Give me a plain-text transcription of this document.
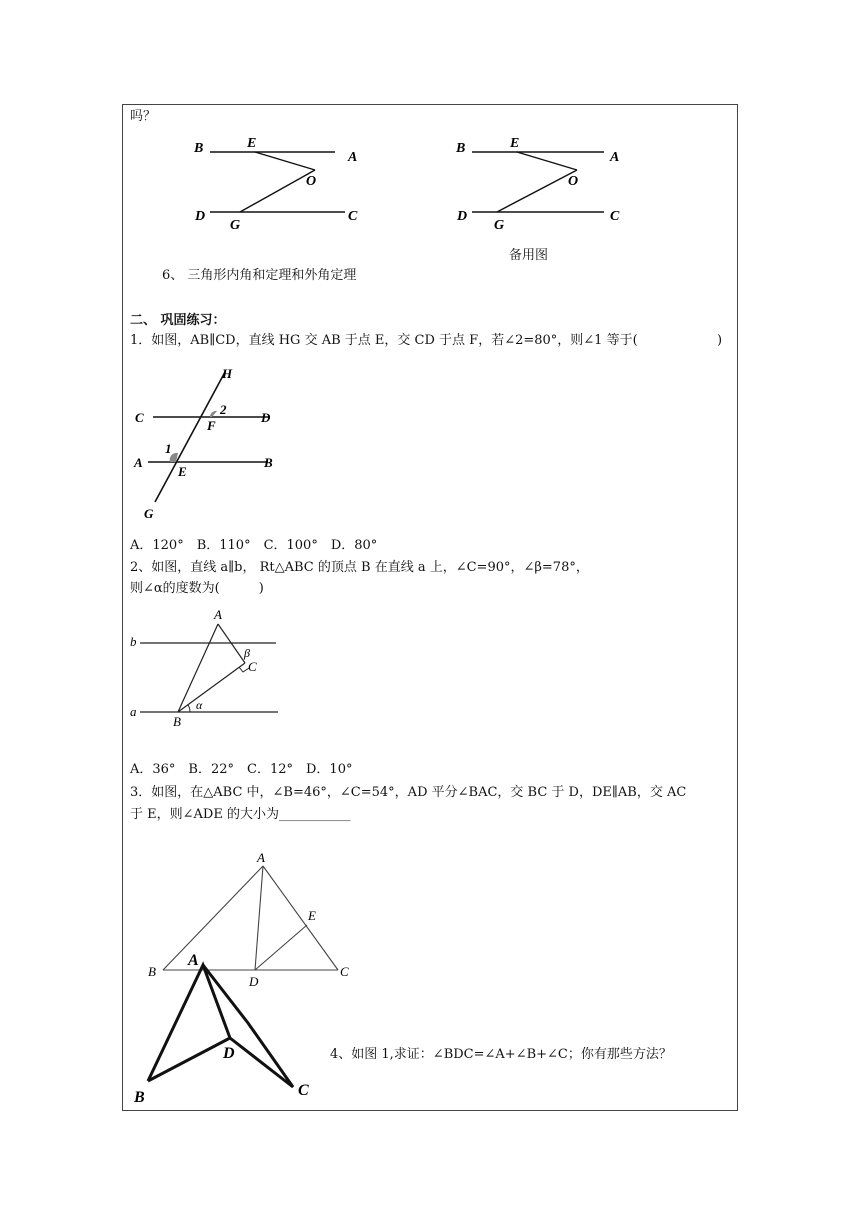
吗？
B	E
A
O
D
G
C
B	E
A
O
D
G
C
备用图
6、 三角形内角和定理和外角定理
二、 巩固练习：
1．如图，AB∥CD，直线 HG 交 AB 于点 E，交 CD 于点 F，若∠2=80°，则∠1 等于(	)
H
C	D
F
2
1
A
E
B
G
A．120°　B．110°　C．100°　D．80°
2、如图，直线 a∥b， Rt△ABC 的顶点 B 在直线 a 上，∠C=90°，∠β=78°，
则∠α的度数为(　　　)
A
b
β
C
a
B
α
A．36°　B．22°　C．12°　D．10°
3．如图，在△ABC 中，∠B=46°，∠C=54°，AD 平分∠BAC，交 BC 于 D，DE∥AB，交 AC
于 E，则∠ADE 的大小为___________
A
E
B
D
C
A
D
B	C
4、如图 1,求证：∠BDC=∠A+∠B+∠C；你有那些方法？
